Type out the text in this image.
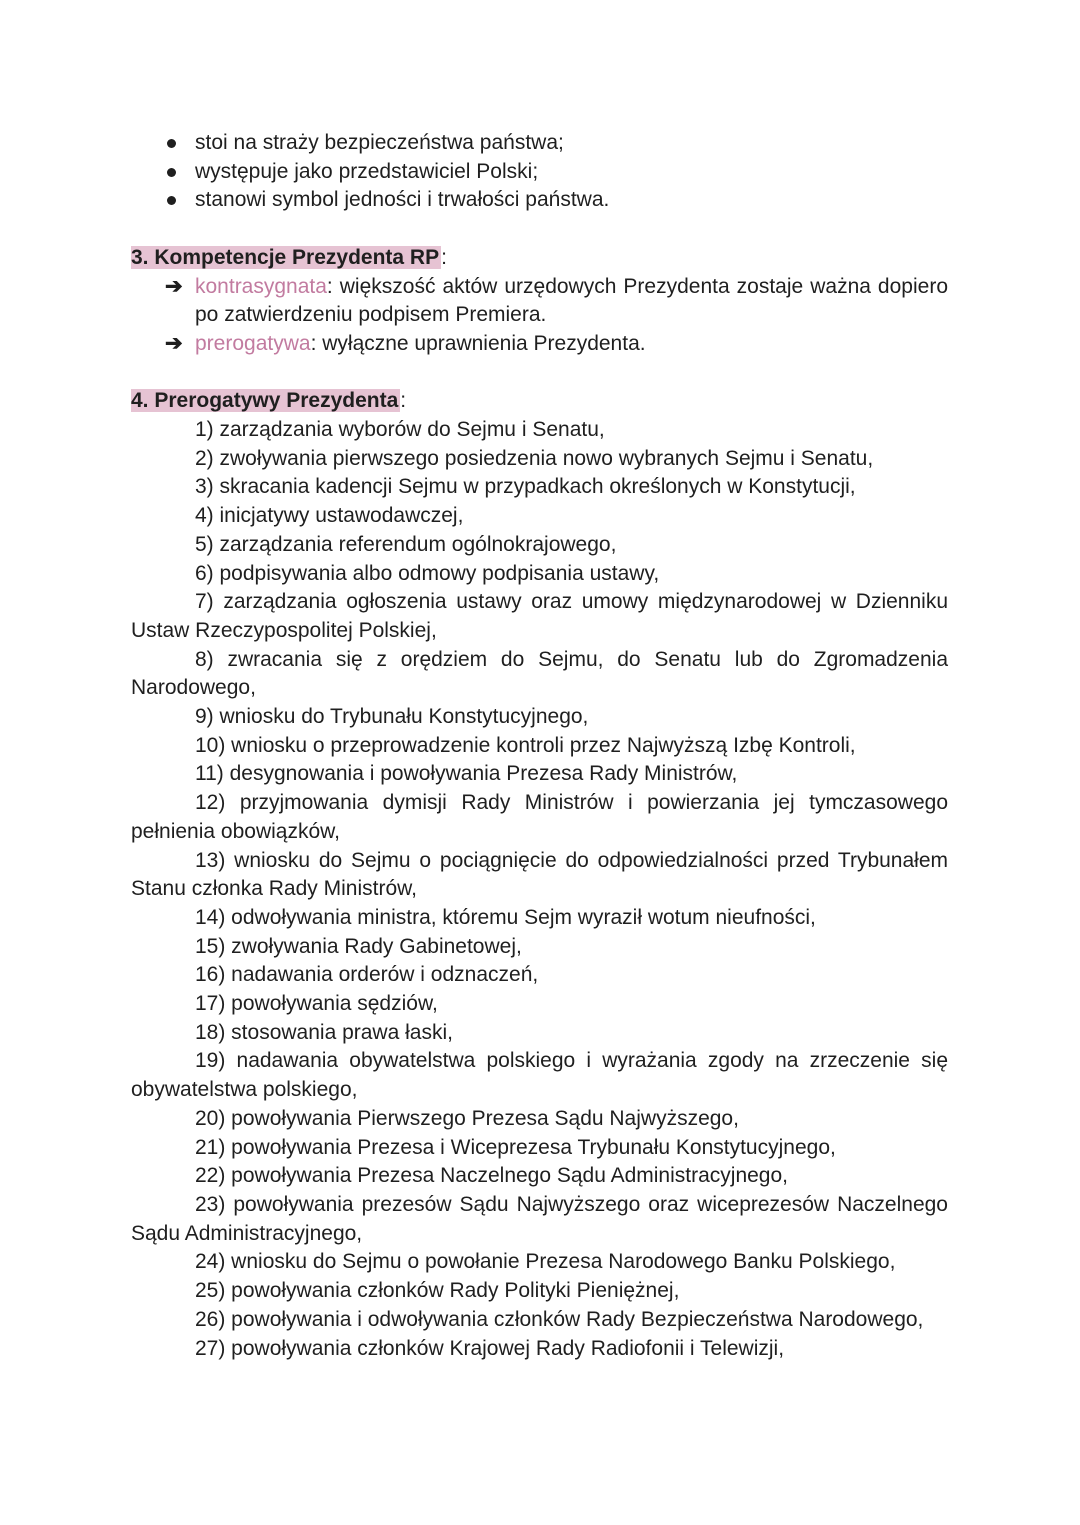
stoi na straży bezpieczeństwa państwa;
występuje jako przedstawiciel Polski;
stanowi symbol jedności i trwałości państwa.
3. Kompetencje Prezydenta RP:
➔ kontrasygnata: większość aktów urzędowych Prezydenta zostaje ważna dopiero po zatwierdzeniu podpisem Premiera.
➔ prerogatywa: wyłączne uprawnienia Prezydenta.
4. Prerogatywy Prezydenta:
1) zarządzania wyborów do Sejmu i Senatu,
2) zwoływania pierwszego posiedzenia nowo wybranych Sejmu i Senatu,
3) skracania kadencji Sejmu w przypadkach określonych w Konstytucji,
4) inicjatywy ustawodawczej,
5) zarządzania referendum ogólnokrajowego,
6) podpisywania albo odmowy podpisania ustawy,
7) zarządzania ogłoszenia ustawy oraz umowy międzynarodowej w Dzienniku Ustaw Rzeczypospolitej Polskiej,
8) zwracania się z orędziem do Sejmu, do Senatu lub do Zgromadzenia Narodowego,
9) wniosku do Trybunału Konstytucyjnego,
10) wniosku o przeprowadzenie kontroli przez Najwyższą Izbę Kontroli,
11) desygnowania i powoływania Prezesa Rady Ministrów,
12) przyjmowania dymisji Rady Ministrów i powierzania jej tymczasowego pełnienia obowiązków,
13) wniosku do Sejmu o pociągnięcie do odpowiedzialności przed Trybunałem Stanu członka Rady Ministrów,
14) odwoływania ministra, któremu Sejm wyraził wotum nieufności,
15) zwoływania Rady Gabinetowej,
16) nadawania orderów i odznaczeń,
17) powoływania sędziów,
18) stosowania prawa łaski,
19) nadawania obywatelstwa polskiego i wyrażania zgody na zrzeczenie się obywatelstwa polskiego,
20) powoływania Pierwszego Prezesa Sądu Najwyższego,
21) powoływania Prezesa i Wiceprezesa Trybunału Konstytucyjnego,
22) powoływania Prezesa Naczelnego Sądu Administracyjnego,
23) powoływania prezesów Sądu Najwyższego oraz wiceprezesów Naczelnego Sądu Administracyjnego,
24) wniosku do Sejmu o powołanie Prezesa Narodowego Banku Polskiego,
25) powoływania członków Rady Polityki Pieniężnej,
26) powoływania i odwoływania członków Rady Bezpieczeństwa Narodowego,
27) powoływania członków Krajowej Rady Radiofonii i Telewizji,
